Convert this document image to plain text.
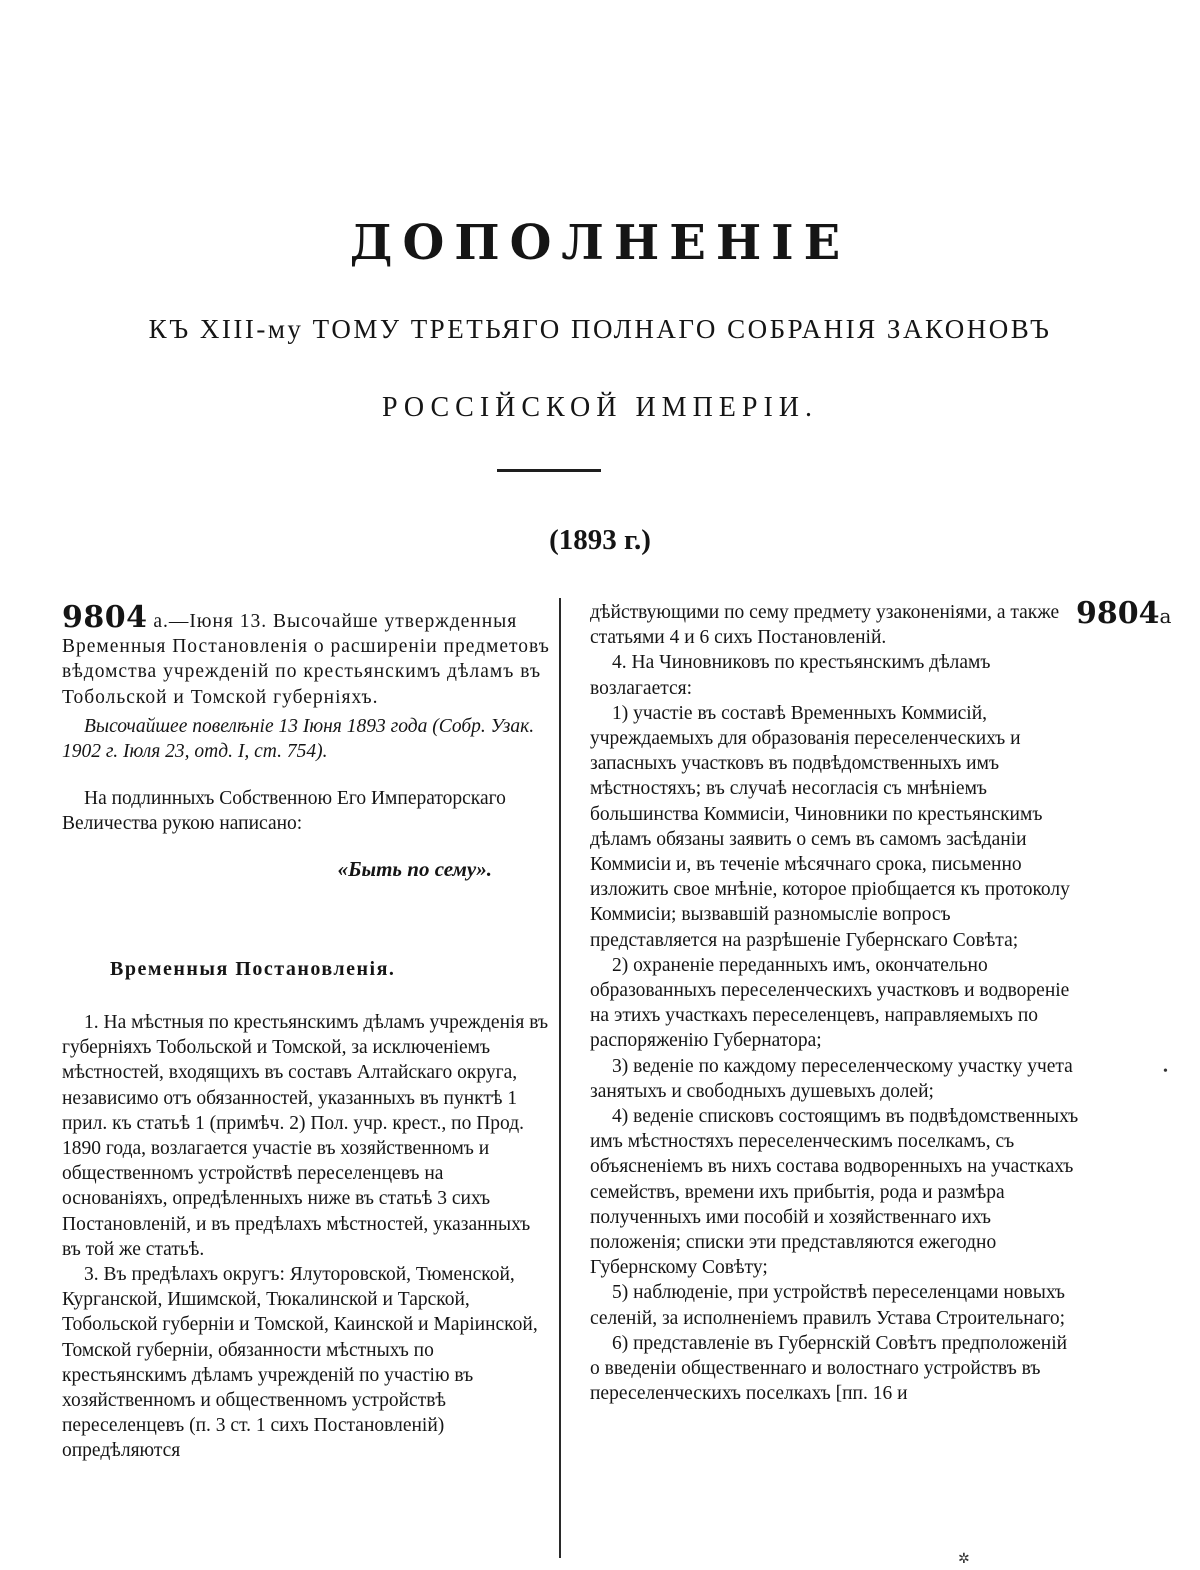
ДОПОЛНЕНІЕ
КЪ XIII-му ТОМУ ТРЕТЬЯГО ПОЛНАГО СОБРАНІЯ ЗАКОНОВЪ
РОССІЙСКОЙ ИМПЕРІИ.
(1893 г.)

9804 а.—Іюня 13. Высочайше утвержденныя Временныя Постановленія о расширеніи предметовъ вѣдомства учрежденій по крестьянскимъ дѣламъ въ Тобольской и Томской губерніяхъ.

Высочайшее повелѣніе 13 Іюня 1893 года (Собр. Узак. 1902 г. Іюля 23, отд. I, ст. 754).

На подлинныхъ Собственною Его Императорскаго Величества рукою написано:

«Быть по сему».

Временныя Постановленія.

1. На мѣстныя по крестьянскимъ дѣламъ учрежденія въ губерніяхъ Тобольской и Томской, за исключеніемъ мѣстностей, входящихъ въ составъ Алтайскаго округа, независимо отъ обязанностей, указанныхъ въ пунктѣ 1 прил. къ статьѣ 1 (примѣч. 2) Пол. учр. крест., по Прод. 1890 года, возлагается участіе въ хозяйственномъ и общественномъ устройствѣ переселенцевъ на основаніяхъ, опредѣленныхъ ниже въ статьѣ 3 сихъ Постановленій, и въ предѣлахъ мѣстностей, указанныхъ въ той же статьѣ.

3. Въ предѣлахъ округъ: Ялуторовской, Тюменской, Курганской, Ишимской, Тюкалинской и Тарской, Тобольской губерніи и Томской, Каинской и Маріинской, Томской губерніи, обязанности мѣстныхъ по крестьянскимъ дѣламъ учрежденій по участію въ хозяйственномъ и общественномъ устройствѣ переселенцевъ (п. 3 ст. 1 сихъ Постановленій) опредѣляются

9804а

дѣйствующими по сему предмету узаконеніями, а также статьями 4 и 6 сихъ Постановленій.

4. На Чиновниковъ по крестьянскимъ дѣламъ возлагается:

1) участіе въ составѣ Временныхъ Коммисій, учреждаемыхъ для образованія переселенческихъ и запасныхъ участковъ въ подвѣдомственныхъ имъ мѣстностяхъ; въ случаѣ несогласія съ мнѣніемъ большинства Коммисіи, Чиновники по крестьянскимъ дѣламъ обязаны заявить о семъ въ самомъ засѣданіи Коммисіи и, въ теченіе мѣсячнаго срока, письменно изложить свое мнѣніе, которое пріобщается къ протоколу Коммисіи; вызвавшій разномысліе вопросъ представляется на разрѣшеніе Губернскаго Совѣта;

2) охраненіе переданныхъ имъ, окончательно образованныхъ переселенческихъ участковъ и водвореніе на этихъ участкахъ переселенцевъ, направляемыхъ по распоряженію Губернатора;

3) веденіе по каждому переселенческому участку учета занятыхъ и свободныхъ душевыхъ долей;

4) веденіе списковъ состоящимъ въ подвѣдомственныхъ имъ мѣстностяхъ переселенческимъ поселкамъ, съ объясненіемъ въ нихъ состава водворенныхъ на участкахъ семействъ, времени ихъ прибытія, рода и размѣра полученныхъ ими пособій и хозяйственнаго ихъ положенія; списки эти представляются ежегодно Губернскому Совѣту;

5) наблюденіе, при устройствѣ переселенцами новыхъ селеній, за исполненіемъ правилъ Устава Строительнаго;

6) представленіе въ Губернскій Совѣтъ предположеній о введеніи общественнаго и волостнаго устройствъ въ переселенческихъ поселкахъ [пп. 16 и

•
✲
